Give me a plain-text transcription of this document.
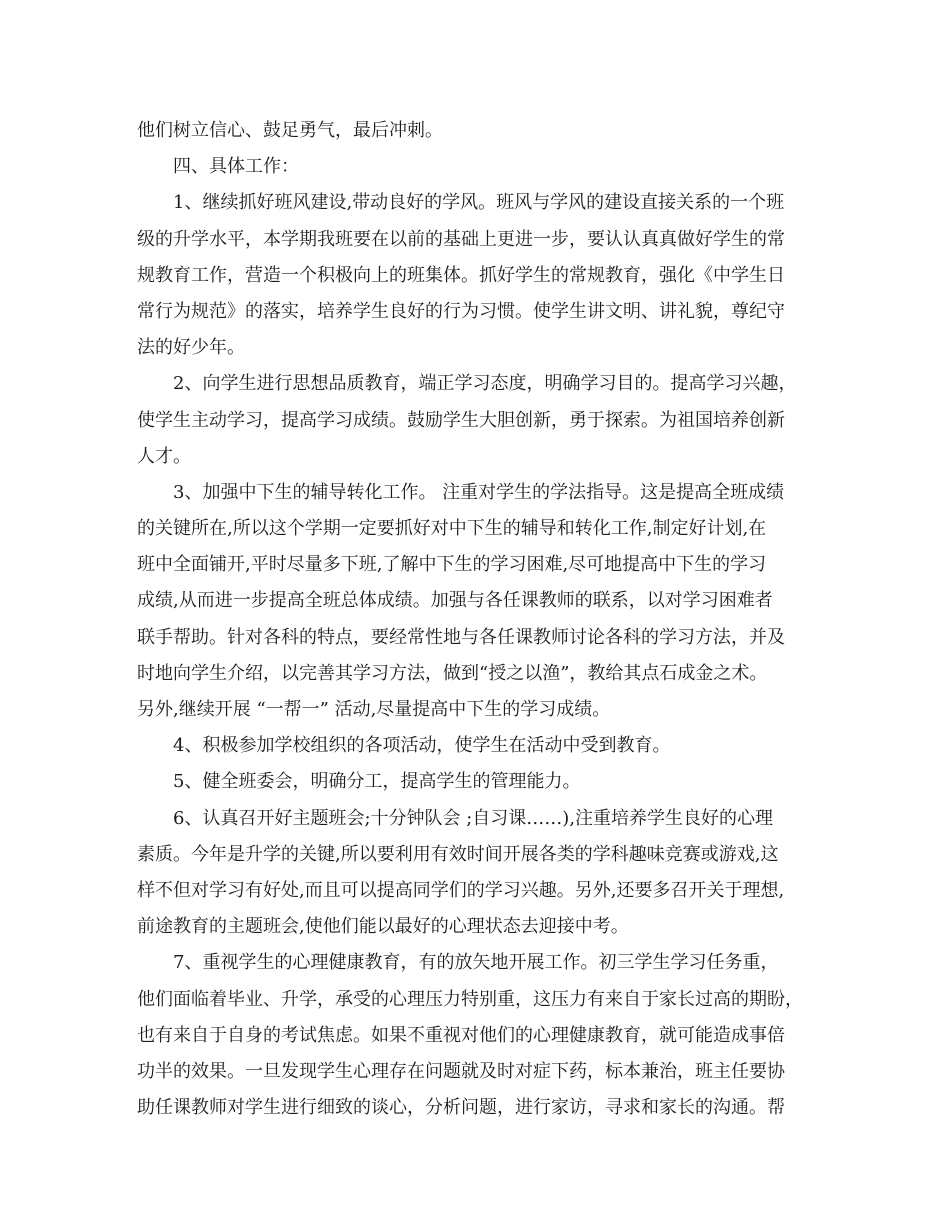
他们树立信心、鼓足勇气，最后冲刺。
四、具体工作：
1、继续抓好班风建设,带动良好的学风。班风与学风的建设直接关系的一个班
级的升学水平，本学期我班要在以前的基础上更进一步，要认认真真做好学生的常
规教育工作，营造一个积极向上的班集体。抓好学生的常规教育，强化《中学生日
常行为规范》的落实，培养学生良好的行为习惯。使学生讲文明、讲礼貌，尊纪守
法的好少年。
2、向学生进行思想品质教育，端正学习态度，明确学习目的。提高学习兴趣，
使学生主动学习，提高学习成绩。鼓励学生大胆创新，勇于探索。为祖国培养创新
人才。
3、加强中下生的辅导转化工作。 注重对学生的学法指导。这是提高全班成绩
的关键所在,所以这个学期一定要抓好对中下生的辅导和转化工作,制定好计划,在
班中全面铺开,平时尽量多下班,了解中下生的学习困难,尽可地提高中下生的学习
成绩,从而进一步提高全班总体成绩。加强与各任课教师的联系，以对学习困难者
联手帮助。针对各科的特点，要经常性地与各任课教师讨论各科的学习方法，并及
时地向学生介绍，以完善其学习方法，做到“授之以渔”，教给其点石成金之术。
另外,继续开展 “一帮一” 活动,尽量提高中下生的学习成绩。
4、积极参加学校组织的各项活动，使学生在活动中受到教育。
5、健全班委会，明确分工，提高学生的管理能力。
6、认真召开好主题班会;十分钟队会 ;自习课……),注重培养学生良好的心理
素质。今年是升学的关键,所以要利用有效时间开展各类的学科趣味竞赛或游戏,这
样不但对学习有好处,而且可以提高同学们的学习兴趣。另外,还要多召开关于理想,
前途教育的主题班会,使他们能以最好的心理状态去迎接中考。
7、重视学生的心理健康教育，有的放矢地开展工作。初三学生学习任务重，
他们面临着毕业、升学，承受的心理压力特别重，这压力有来自于家长过高的期盼，
也有来自于自身的考试焦虑。如果不重视对他们的心理健康教育，就可能造成事倍
功半的效果。一旦发现学生心理存在问题就及时对症下药，标本兼治，班主任要协
助任课教师对学生进行细致的谈心，分析问题，进行家访，寻求和家长的沟通。帮
